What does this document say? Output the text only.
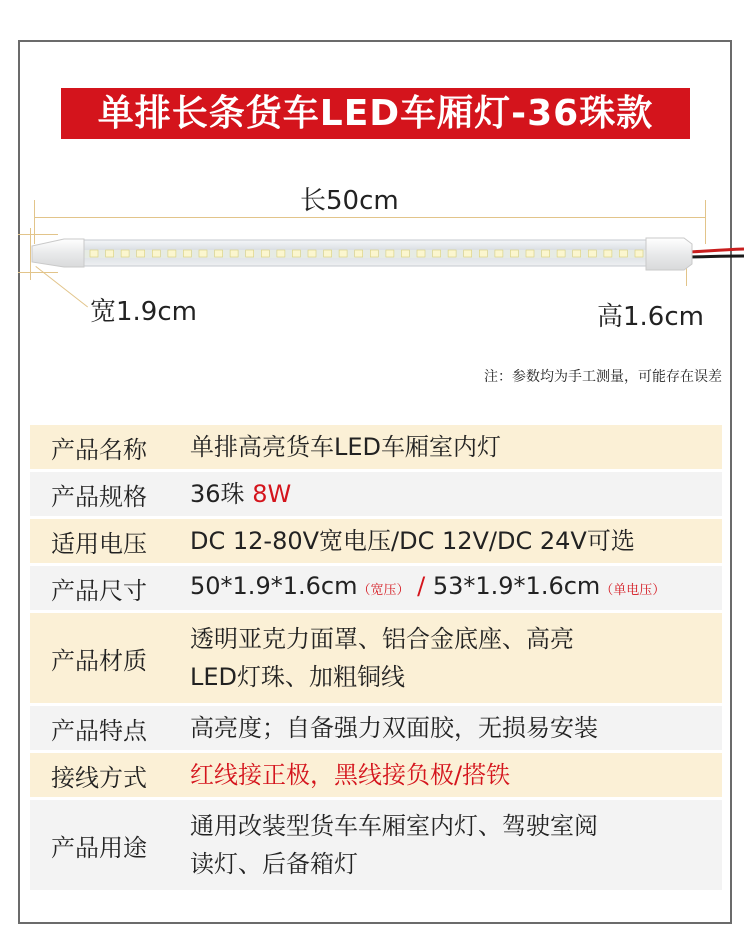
单排长条货车LED车厢灯-36珠款
长50cm
宽1.9cm	高1.6cm
注：参数均为手工测量，可能存在误差
产品名称	单排高亮货车LED车厢室内灯
产品规格	36珠 8W
适用电压	DC 12-80V宽电压/DC 12V/DC 24V可选
产品尺寸	50*1.9*1.6cm（宽压） / 53*1.9*1.6cm（单电压）
产品材质	透明亚克力面罩、铝合金底座、高亮
LED灯珠、加粗铜线

产品特点	高亮度；自备强力双面胶，无损易安装
接线方式	红线接正极，黑线接负极/搭铁
产品用途	通用改装型货车车厢室内灯、驾驶室阅
读灯、后备箱灯
